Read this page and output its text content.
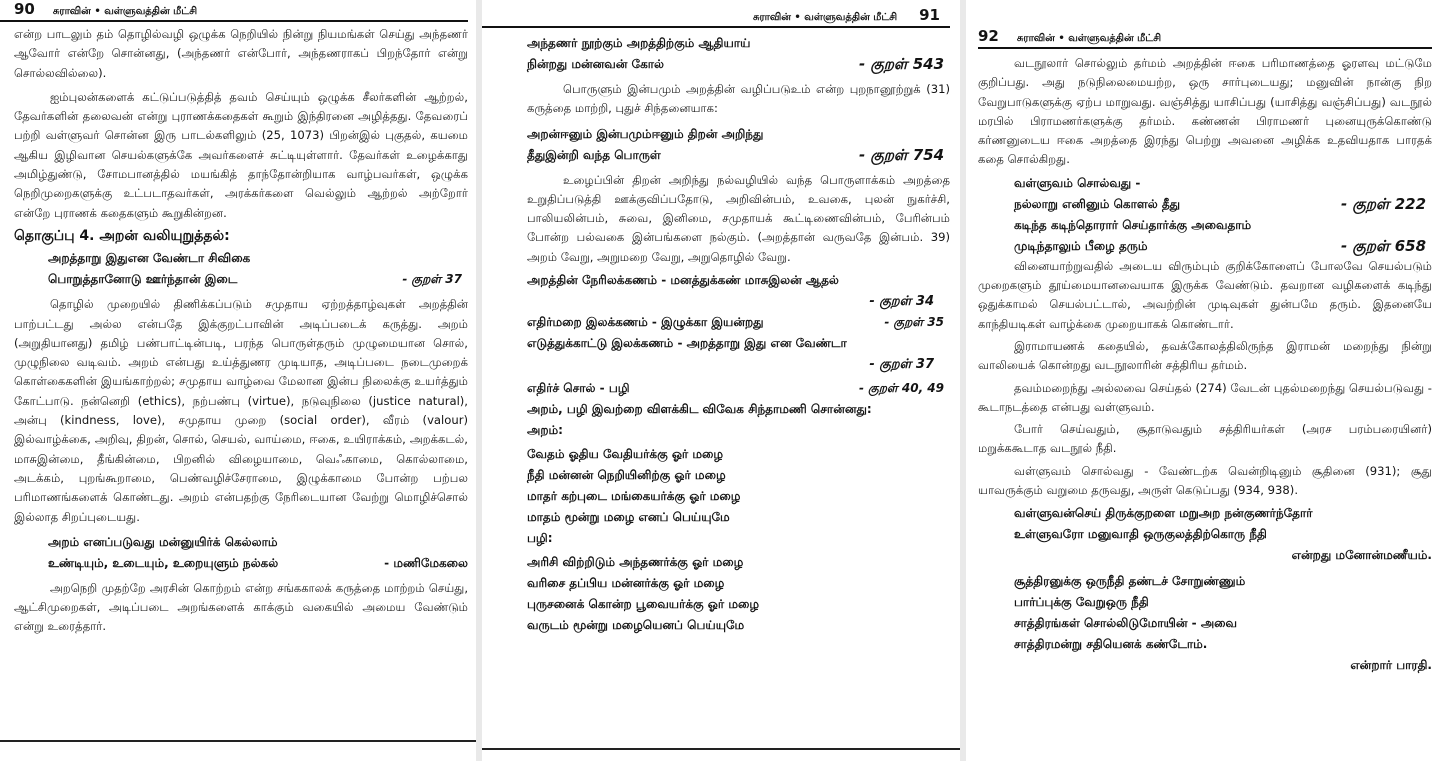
90 சுராவின் • வள்ளுவத்தின் மீட்சி

என்ற பாடலும் தம் தொழில்வழி ஒழுக்க நெறியில் நின்று நியமங்கள் செய்து அந்தணர் ஆவோர் என்றே சொன்னது, (அந்தணர் என்போர், அந்தணராகப் பிறந்தோர் என்று சொல்லவில்லை).

ஐம்புலன்களைக் கட்டுப்படுத்தித் தவம் செய்யும் ஒழுக்க சீலர்களின் ஆற்றல், தேவர்களின் தலைவன் என்று புராணக்கதைகள் கூறும் இந்திரனை அழித்தது. தேவரைப் பற்றி வள்ளுவர் சொன்ன இரு பாடல்களிலும் (25, 1073) பிறன்இல் புகுதல், கயமை ஆகிய இழிவான செயல்களுக்கே அவர்களைச் சுட்டியுள்ளார். தேவர்கள் உழைக்காது அமிழ்துண்டு, சோமபானத்தில் மயங்கித் தாந்தோன்றியாக வாழ்பவர்கள், ஒழுக்க நெறிமுறைகளுக்கு உட்படாதவர்கள், அரக்கர்களை வெல்லும் ஆற்றல் அற்றோர் என்றே புராணக் கதைகளும் கூறுகின்றன.

தொகுப்பு 4. அறன் வலியுறுத்தல்:
அறத்தாறு இதுஎன வேண்டா சிவிகை
பொறுத்தானோடு ஊர்ந்தான் இடை	- குறள் 37

தொழில் முறையில் திணிக்கப்படும் சமுதாய ஏற்றத்தாழ்வுகள் அறத்தின் பாற்பட்டது அல்ல என்பதே இக்குறட்பாவின் அடிப்படைக் கருத்து. அறம் (அறுதியானது) தமிழ் பண்பாட்டின்படி, பரந்த பொருள்தரும் முழுமையான சொல், முழுநிலை வடிவம். அறம் என்பது உய்த்துணர முடியாத, அடிப்படை நடைமுறைக் கொள்கைகளின் இயங்காற்றல்; சமுதாய வாழ்வை மேலான இன்ப நிலைக்கு உயர்த்தும் கோட்பாடு. நன்னெறி (ethics), நற்பண்பு (virtue), நடுவுநிலை (justice natural), அன்பு (kindness, love), சமுதாய முறை (social order), வீரம் (valour) இல்வாழ்க்கை, அறிவு, திறன், சொல், செயல், வாய்மை, ஈகை, உயிராக்கம், அறக்கடல், மாசுஇன்மை, தீங்கின்மை, பிறனில் விழையாமை, வெஃகாமை, கொல்லாமை, அடக்கம், புறங்கூறாமை, பெண்வழிச்சேராமை, இழுக்காமை போன்ற பற்பல பரிமாணங்களைக் கொண்டது. அறம் என்பதற்கு நேரிடையான வேற்று மொழிச்சொல் இல்லாத சிறப்புடையது.

அறம் எனப்படுவது மன்னுயிர்க் கெல்லாம்
உண்டியும், உடையும், உறையுளும் நல்கல்	- மணிமேகலை

அறநெறி முதற்றே அரசின் கொற்றம் என்ற சங்ககாலக் கருத்தை மாற்றம் செய்து, ஆட்சிமுறைகள், அடிப்படை அறங்களைக் காக்கும் வகையில் அமைய வேண்டும் என்று உரைத்தார்.

சுராவின் • வள்ளுவத்தின் மீட்சி 91
அந்தணர் நூற்கும் அறத்திற்கும் ஆதியாய்
நின்றது மன்னவன் கோல்	- குறள் 543

பொருளும் இன்பமும் அறத்தின் வழிப்படுஉம் என்ற புறநானூற்றுக் (31) கருத்தை மாற்றி, புதுச் சிந்தனையாக:

அறன்ஈனும் இன்பமும்ஈனும் திறன் அறிந்து
தீதுஇன்றி வந்த பொருள்	- குறள் 754

உழைப்பின் திறன் அறிந்து நல்வழியில் வந்த பொருளாக்கம் அறத்தை உறுதிப்படுத்தி ஊக்குவிப்பதோடு, அறிவின்பம், உவகை, புலன் நுகர்ச்சி, பாலியலின்பம், சுவை, இனிமை, சமுதாயக் கூட்டிணைவின்பம், பேரின்பம் போன்ற பல்வகை இன்பங்களை நல்கும். (அறத்தான் வருவதே இன்பம். 39) அறம் வேறு, அறுமறை வேறு, அறுதொழில் வேறு.

அறத்தின் நேரிலக்கணம் - மனத்துக்கண் மாசுஇலன் ஆதல்
- குறள் 34
எதிர்மறை இலக்கணம் - இழுக்கா இயன்றது	- குறள் 35
எடுத்துக்காட்டு இலக்கணம் - அறத்தாறு இது என வேண்டா
- குறள் 37
எதிர்ச் சொல் - பழி	- குறள் 40, 49
அறம், பழி இவற்றை விளக்கிட விவேக சிந்தாமணி சொன்னது:
அறம்:
வேதம் ஓதிய வேதியர்க்கு ஓர் மழை
நீதி மன்னன் நெறியினிற்கு ஓர் மழை
மாதர் கற்புடை மங்கையர்க்கு ஓர் மழை
மாதம் மூன்று மழை எனப் பெய்யுமே
பழி:
அரிசி விற்றிடும் அந்தணர்க்கு ஓர் மழை
வரிசை தப்பிய மன்னர்க்கு ஓர் மழை
புருசனைக் கொன்ற பூவையர்க்கு ஓர் மழை
வருடம் மூன்று மழையெனப் பெய்யுமே
92 சுராவின் • வள்ளுவத்தின் மீட்சி

வடநூலார் சொல்லும் தர்மம் அறத்தின் ஈகை பரிமாணத்தை ஓரளவு மட்டுமே குறிப்பது. அது நடுநிலைமையற்ற, ஒரு சார்புடையது; மனுவின் நான்கு நிற வேறுபாடுகளுக்கு ஏற்ப மாறுவது. வஞ்சித்து யாசிப்பது (யாசித்து வஞ்சிப்பது) வடநூல் மரபில் பிராமணர்களுக்கு தர்மம். கண்ணன் பிராமணர் புனையுருக்கொண்டு கர்ணனுடைய ஈகை அறத்தை இரந்து பெற்று அவனை அழிக்க உதவியதாக பாரதக் கதை சொல்கிறது.

வள்ளுவம் சொல்வது -
நல்லாறு எனினும் கொளல் தீது	- குறள் 222
கடிந்த கடிந்தொரார் செய்தார்க்கு அவைதாம்
முடிந்தாலும் பீழை தரும்	- குறள் 658

வினையாற்றுவதில் அடைய விரும்பும் குறிக்கோளைப் போலவே செயல்படும் முறைகளும் தூய்மையானவையாக இருக்க வேண்டும். தவறான வழிகளைக் கடிந்து ஒதுக்காமல் செயல்பட்டால், அவற்றின் முடிவுகள் துன்பமே தரும். இதனையே காந்தியடிகள் வாழ்க்கை முறையாகக் கொண்டார்.

இராமாயணக் கதையில், தவக்கோலத்திலிருந்த இராமன் மறைந்து நின்று வாலியைக் கொன்றது வடநூலாரின் சத்திரிய தர்மம்.

தவம்மறைந்து அல்லவை செய்தல் (274) வேடன் புதல்மறைந்து செயல்படுவது - கூடாநடத்தை என்பது வள்ளுவம்.

போர் செய்வதும், சூதாடுவதும் சத்திரியர்கள் (அரச பரம்பரையினர்) மறுக்ககூடாத வடநூல் நீதி.

வள்ளுவம் சொல்வது - வேண்டற்க வென்றிடினும் சூதினை (931); சூது யாவருக்கும் வறுமை தருவது, அருள் கெடுப்பது (934, 938).

வள்ளுவன்செய் திருக்குறளை மறுஅற நன்குணர்ந்தோர்
உள்ளுவரோ மனுவாதி ஒருகுலத்திற்கொரு நீதி
என்றது மனோன்மணீயம்.
சூத்திரனுக்கு ஒருநீதி தண்டச் சோறுண்ணும்
பார்ப்புக்கு வேறுஒரு நீதி
சாத்திரங்கள் சொல்லிடுமோயின் - அவை
சாத்திரமன்று சதியெனக் கண்டோம்.
என்றார் பாரதி.
